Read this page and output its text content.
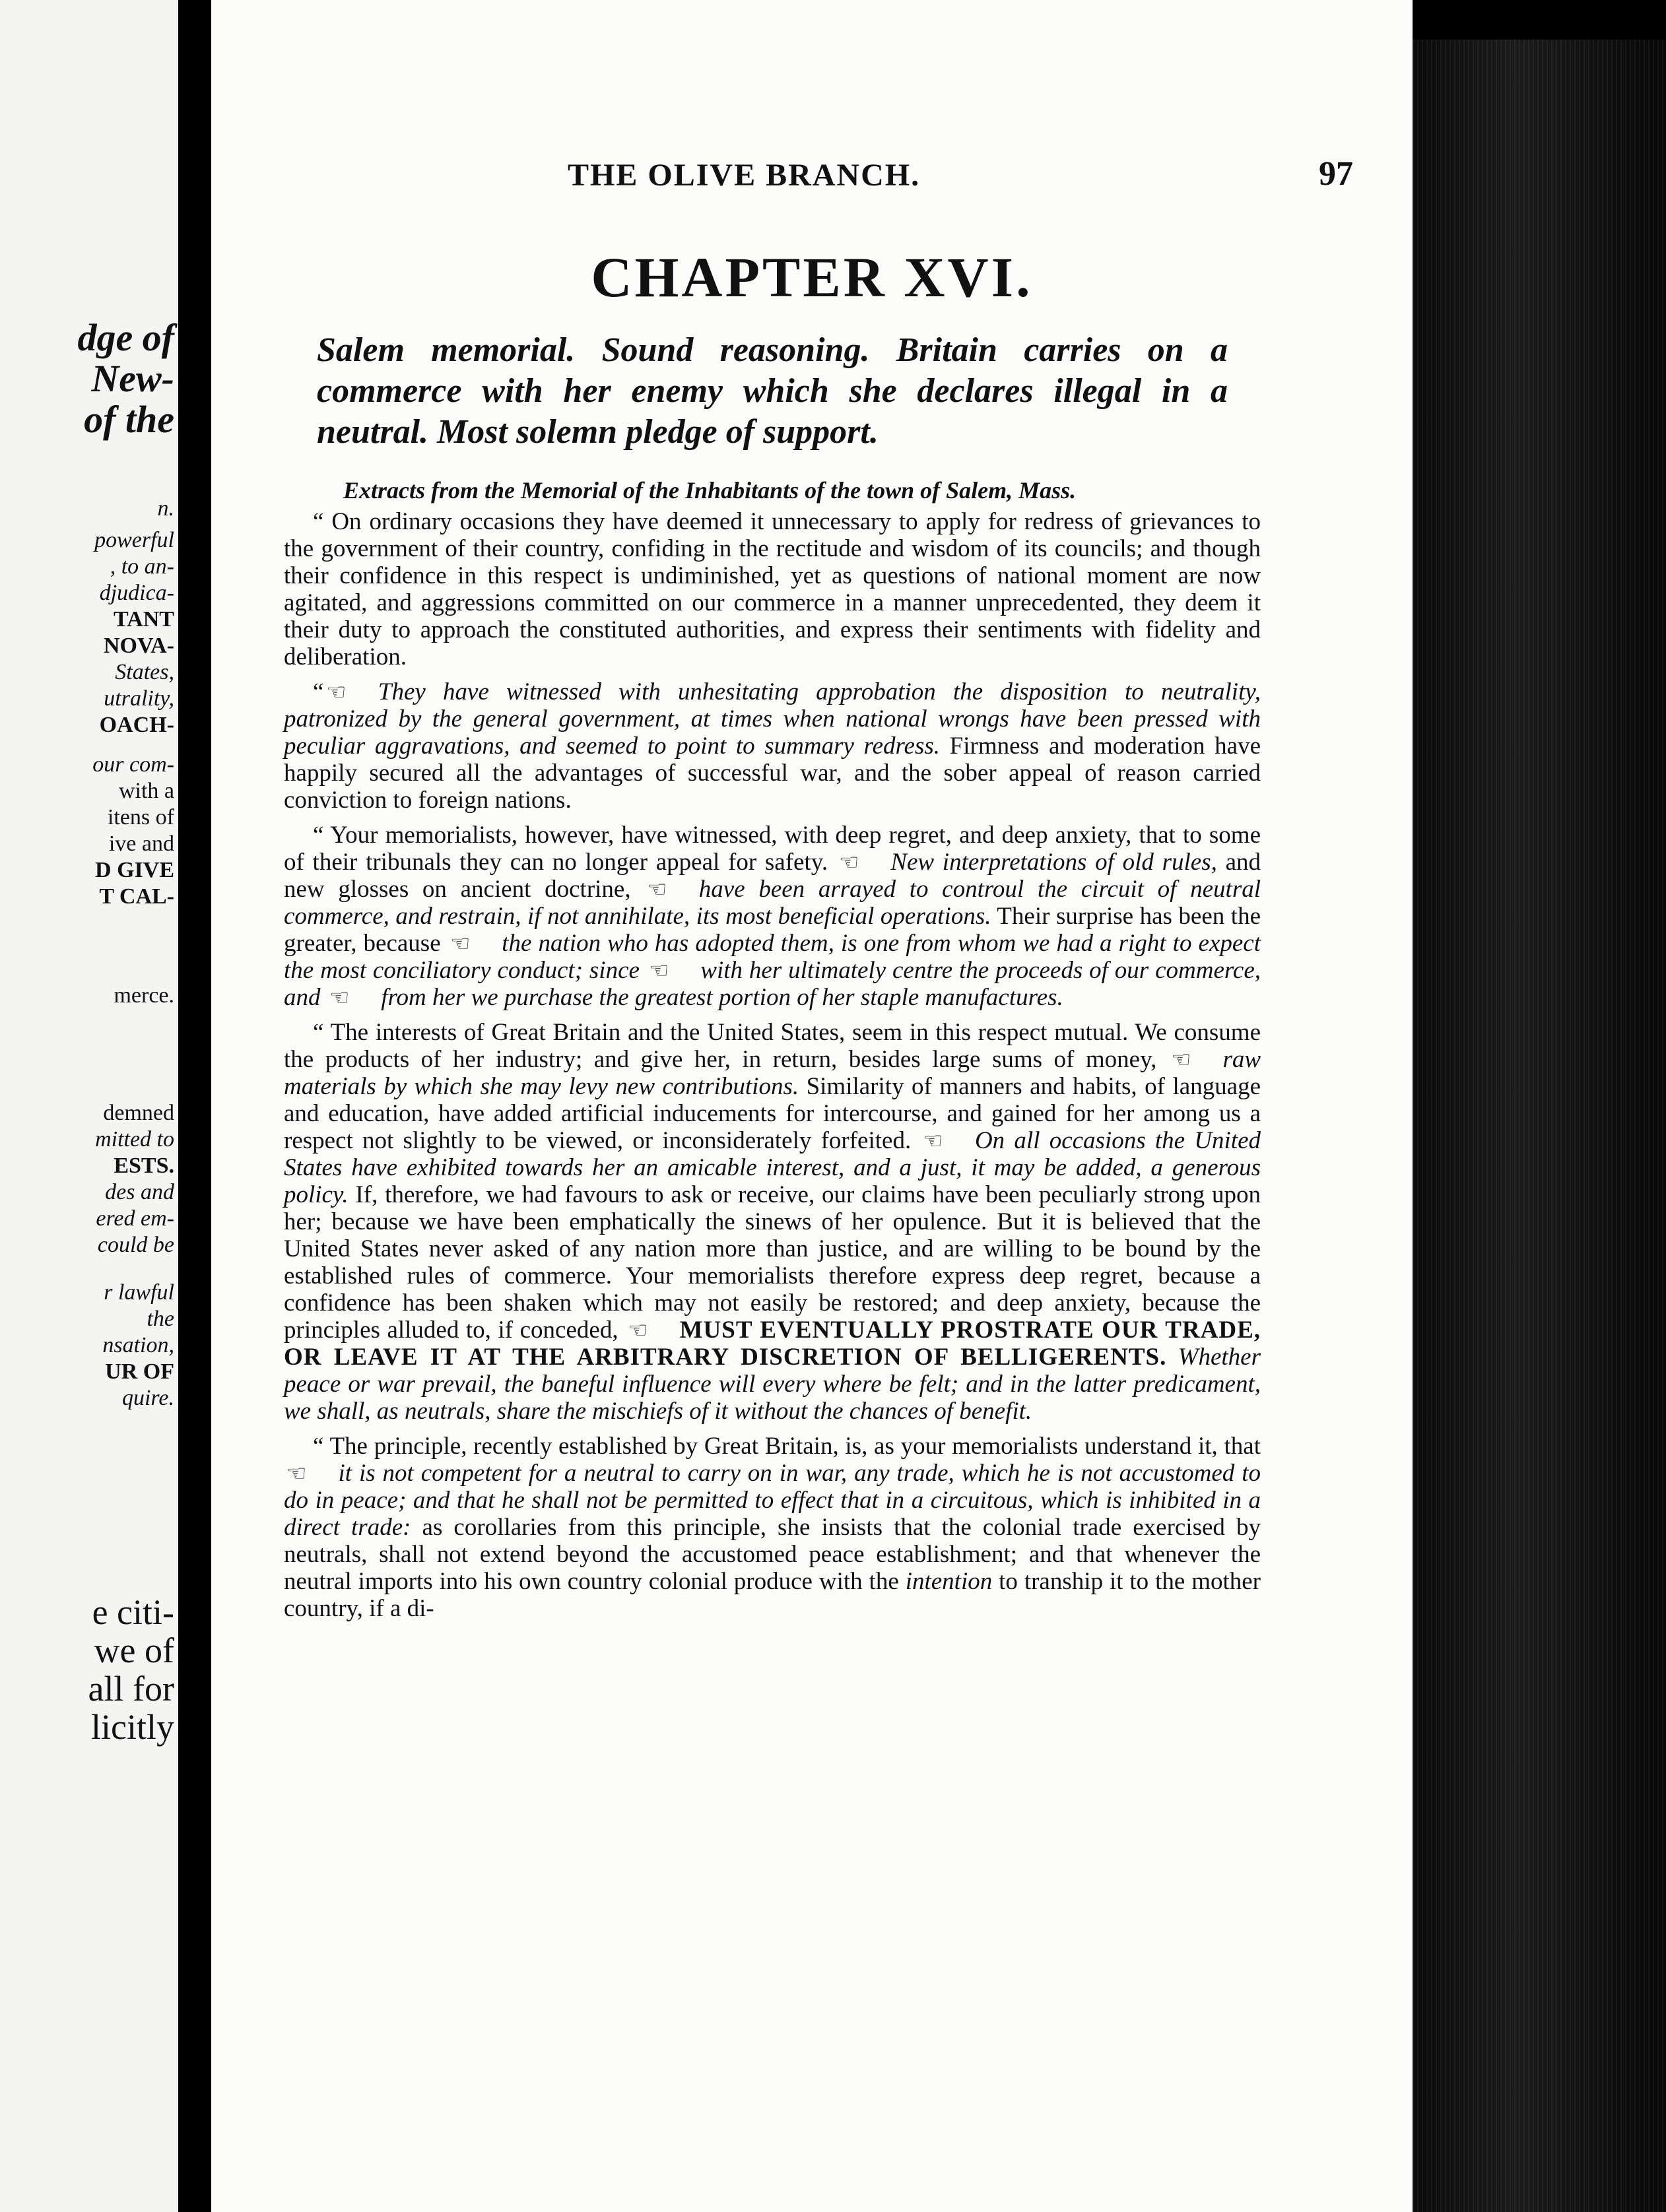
dge of
New-
of the
n.
powerful
, to an-
djudica-
TANT
NOVA-
States,
utrality,
OACH-
our com-
with a
itens of
ive and
D GIVE
T CAL-
merce.
demned
mitted to
ESTS.
des and
ered em-
could be
r lawful
the
nsation,
UR OF
quire.
e citi-
we of
all for
licitly
THE OLIVE BRANCH.	97
CHAPTER XVI.
Salem memorial. Sound reasoning. Britain carries on a commerce with her enemy which she declares illegal in a neutral. Most solemn pledge of support.
Extracts from the Memorial of the Inhabitants of the town of Salem, Mass.

“ On ordinary occasions they have deemed it unnecessary to apply for redress of grievances to the government of their country, confiding in the rectitude and wisdom of its councils; and though their confidence in this respect is undiminished, yet as questions of national moment are now agitated, and aggressions committed on our commerce in a manner unprecedented, they deem it their duty to approach the constituted authorities, and express their sentiments with fidelity and deliberation.

“ ☞ They have witnessed with unhesitating approbation the disposition to neutrality, patronized by the general government, at times when national wrongs have been pressed with peculiar aggravations, and seemed to point to summary redress. Firmness and moderation have happily secured all the advantages of successful war, and the sober appeal of reason carried conviction to foreign nations.

“ Your memorialists, however, have witnessed, with deep regret, and deep anxiety, that to some of their tribunals they can no longer appeal for safety. ☞ New interpretations of old rules, and new glosses on ancient doctrine, ☞ have been arrayed to controul the circuit of neutral commerce, and restrain, if not annihilate, its most beneficial operations. Their surprise has been the greater, because ☞ the nation who has adopted them, is one from whom we had a right to expect the most conciliatory conduct; since ☞ with her ultimately centre the proceeds of our commerce, and ☞ from her we purchase the greatest portion of her staple manufactures.

“ The interests of Great Britain and the United States, seem in this respect mutual. We consume the products of her industry; and give her, in return, besides large sums of money, ☞ raw materials by which she may levy new contributions. Similarity of manners and habits, of language and education, have added artificial inducements for intercourse, and gained for her among us a respect not slightly to be viewed, or inconsiderately forfeited. ☞ On all occasions the United States have exhibited towards her an amicable interest, and a just, it may be added, a generous policy. If, therefore, we had favours to ask or receive, our claims have been peculiarly strong upon her; because we have been emphatically the sinews of her opulence. But it is believed that the United States never asked of any nation more than justice, and are willing to be bound by the established rules of commerce. Your memorialists therefore express deep regret, because a confidence has been shaken which may not easily be restored; and deep anxiety, because the principles alluded to, if conceded, ☞ MUST EVENTUALLY PROSTRATE OUR TRADE, OR LEAVE IT AT THE ARBITRARY DISCRETION OF BELLIGERENTS. Whether peace or war prevail, the baneful influence will every where be felt; and in the latter predicament, we shall, as neutrals, share the mischiefs of it without the chances of benefit.

“ The principle, recently established by Great Britain, is, as your memorialists understand it, that ☞ it is not competent for a neutral to carry on in war, any trade, which he is not accustomed to do in peace; and that he shall not be permitted to effect that in a circuitous, which is inhibited in a direct trade: as corollaries from this principle, she insists that the colonial trade exercised by neutrals, shall not extend beyond the accustomed peace establishment; and that whenever the neutral imports into his own country colonial produce with the intention to tranship it to the mother country, if a di-
